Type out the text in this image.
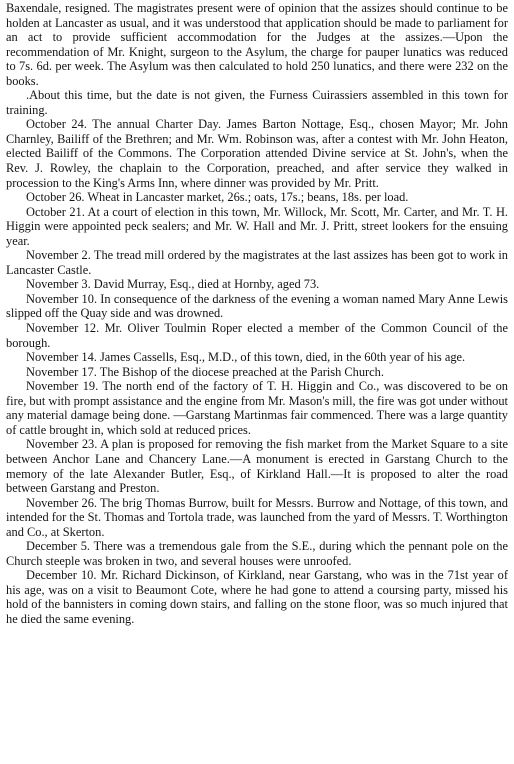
Baxendale, resigned. The magistrates present were of opinion that the assizes should continue to be holden at Lancaster as usual, and it was understood that application should be made to parliament for an act to provide sufficient accommodation for the Judges at the assizes.—Upon the recommendation of Mr. Knight, surgeon to the Asylum, the charge for pauper lunatics was reduced to 7s. 6d. per week. The Asylum was then calculated to hold 250 lunatics, and there were 232 on the books.

.About this time, but the date is not given, the Furness Cuirassiers assembled in this town for training.

October 24. The annual Charter Day. James Barton Nottage, Esq., chosen Mayor; Mr. John Charnley, Bailiff of the Brethren; and Mr. Wm. Robinson was, after a contest with Mr. John Heaton, elected Bailiff of the Commons. The Corporation attended Divine service at St. John's, when the Rev. J. Rowley, the chaplain to the Corporation, preached, and after service they walked in procession to the King's Arms Inn, where dinner was provided by Mr. Pritt.

October 26. Wheat in Lancaster market, 26s.; oats, 17s.; beans, 18s. per load.

October 21. At a court of election in this town, Mr. Willock, Mr. Scott, Mr. Carter, and Mr. T. H. Higgin were appointed peck sealers; and Mr. W. Hall and Mr. J. Pritt, street lookers for the ensuing year.

November 2. The tread mill ordered by the magistrates at the last assizes has been got to work in Lancaster Castle.

November 3. David Murray, Esq., died at Hornby, aged 73.

November 10. In consequence of the darkness of the evening a woman named Mary Anne Lewis slipped off the Quay side and was drowned.

November 12. Mr. Oliver Toulmin Roper elected a member of the Common Council of the borough.

November 14. James Cassells, Esq., M.D., of this town, died, in the 60th year of his age.

November 17. The Bishop of the diocese preached at the Parish Church.

November 19. The north end of the factory of T. H. Higgin and Co., was discovered to be on fire, but with prompt assistance and the engine from Mr. Mason's mill, the fire was got under without any material damage being done. —Garstang Martinmas fair commenced. There was a large quantity of cattle brought in, which sold at reduced prices.

November 23. A plan is proposed for removing the fish market from the Market Square to a site between Anchor Lane and Chancery Lane.—A monument is erected in Garstang Church to the memory of the late Alexander Butler, Esq., of Kirkland Hall.—It is proposed to alter the road between Garstang and Preston.

November 26. The brig Thomas Burrow, built for Messrs. Burrow and Nottage, of this town, and intended for the St. Thomas and Tortola trade, was launched from the yard of Messrs. T. Worthington and Co., at Skerton.

December 5. There was a tremendous gale from the S.E., during which the pennant pole on the Church steeple was broken in two, and several houses were unroofed.

December 10. Mr. Richard Dickinson, of Kirkland, near Garstang, who was in the 71st year of his age, was on a visit to Beaumont Cote, where he had gone to attend a coursing party, missed his hold of the bannisters in coming down stairs, and falling on the stone floor, was so much injured that he died the same evening.
